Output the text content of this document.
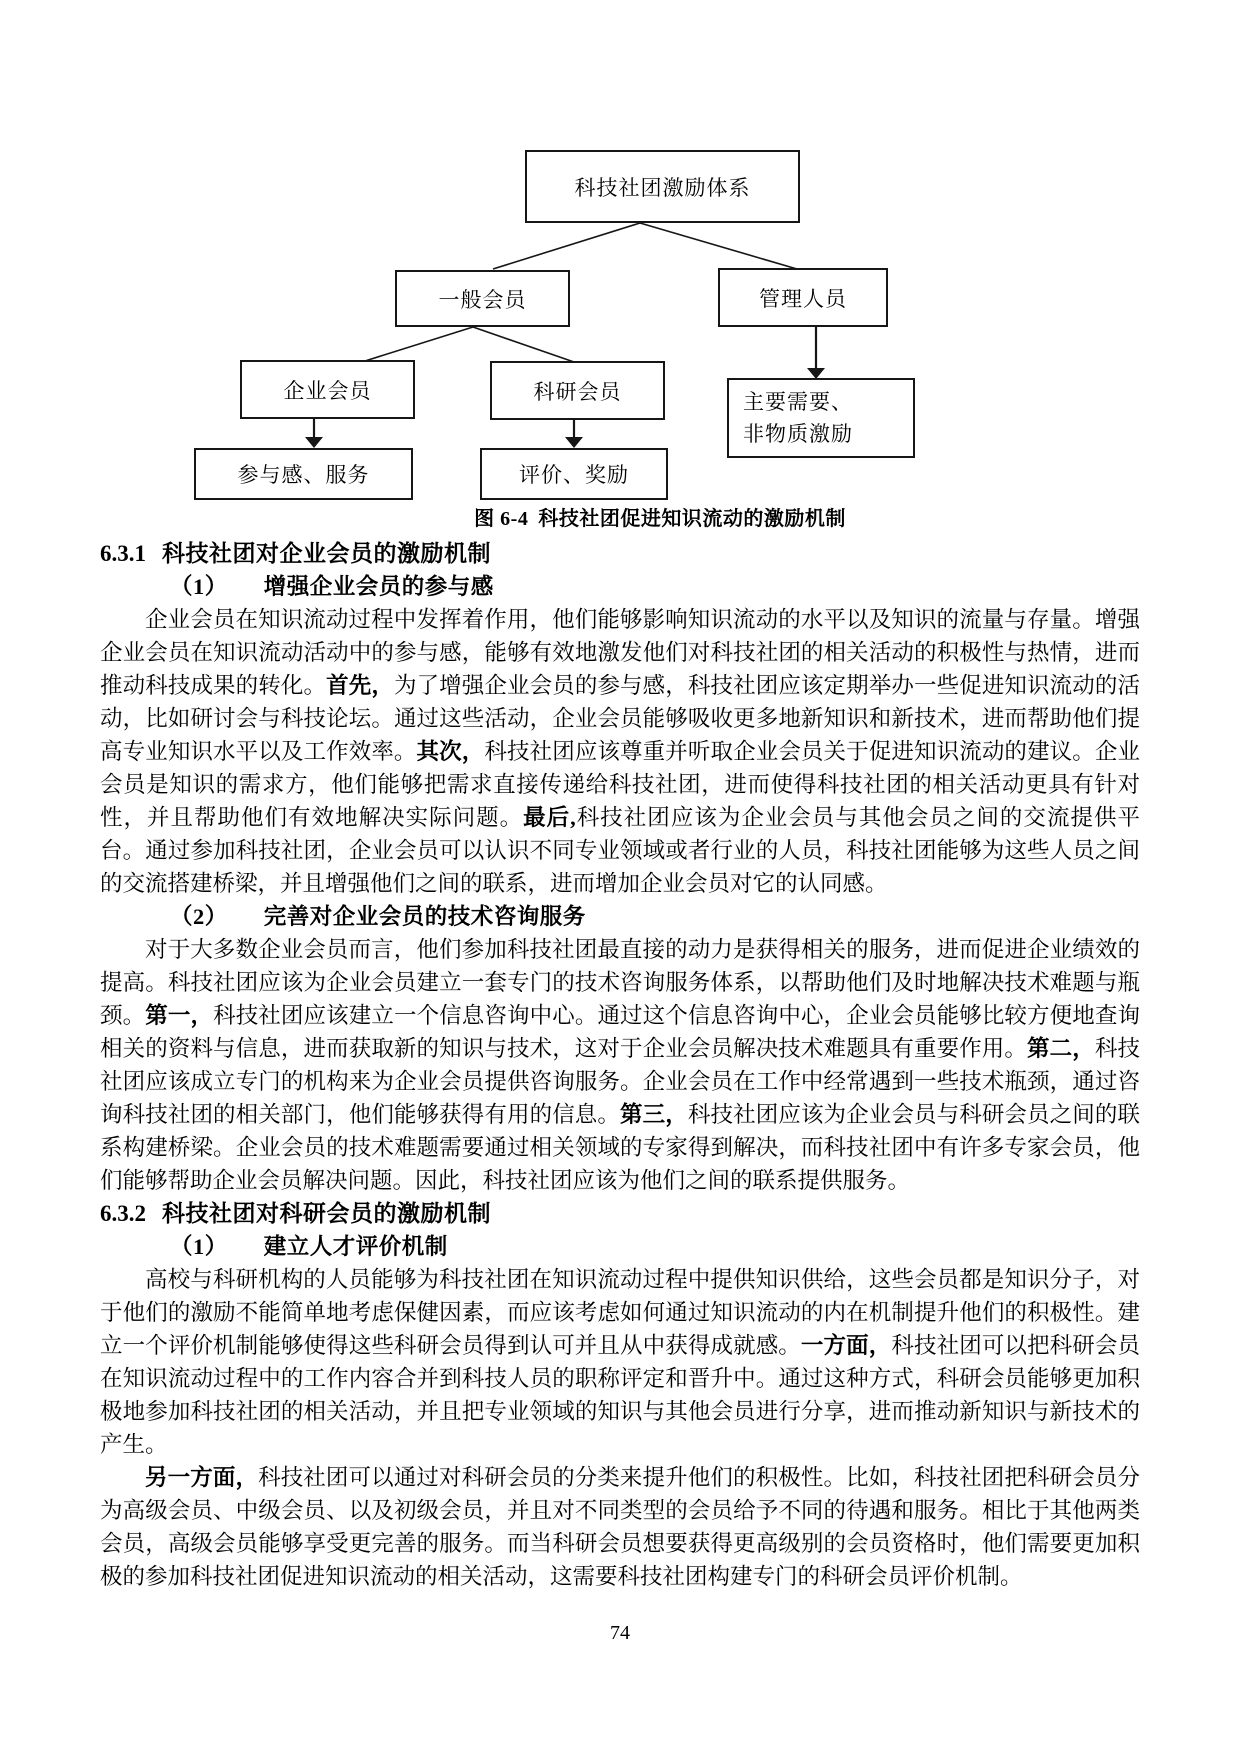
科技社团激励体系
一般会员	管理人员
企业会员	科研会员	主要需要、
非物质激励
参与感、服务	评价、奖励
图 6-4 科技社团促进知识流动的激励机制
6.3.1 科技社团对企业会员的激励机制
（1） 增强企业会员的参与感

企业会员在知识流动过程中发挥着作用，他们能够影响知识流动的水平以及知识的流量与存量。增强企业会员在知识流动活动中的参与感，能够有效地激发他们对科技社团的相关活动的积极性与热情，进而推动科技成果的转化。首先，为了增强企业会员的参与感，科技社团应该定期举办一些促进知识流动的活动，比如研讨会与科技论坛。通过这些活动，企业会员能够吸收更多地新知识和新技术，进而帮助他们提高专业知识水平以及工作效率。其次，科技社团应该尊重并听取企业会员关于促进知识流动的建议。企业会员是知识的需求方，他们能够把需求直接传递给科技社团，进而使得科技社团的相关活动更具有针对性，并且帮助他们有效地解决实际问题。最后,科技社团应该为企业会员与其他会员之间的交流提供平台。通过参加科技社团，企业会员可以认识不同专业领域或者行业的人员，科技社团能够为这些人员之间的交流搭建桥梁，并且增强他们之间的联系，进而增加企业会员对它的认同感。

（2） 完善对企业会员的技术咨询服务

对于大多数企业会员而言，他们参加科技社团最直接的动力是获得相关的服务，进而促进企业绩效的提高。科技社团应该为企业会员建立一套专门的技术咨询服务体系，以帮助他们及时地解决技术难题与瓶颈。第一，科技社团应该建立一个信息咨询中心。通过这个信息咨询中心，企业会员能够比较方便地查询相关的资料与信息，进而获取新的知识与技术，这对于企业会员解决技术难题具有重要作用。第二，科技社团应该成立专门的机构来为企业会员提供咨询服务。企业会员在工作中经常遇到一些技术瓶颈，通过咨询科技社团的相关部门，他们能够获得有用的信息。第三，科技社团应该为企业会员与科研会员之间的联系构建桥梁。企业会员的技术难题需要通过相关领域的专家得到解决，而科技社团中有许多专家会员，他们能够帮助企业会员解决问题。因此，科技社团应该为他们之间的联系提供服务。

6.3.2 科技社团对科研会员的激励机制
（1） 建立人才评价机制

高校与科研机构的人员能够为科技社团在知识流动过程中提供知识供给，这些会员都是知识分子，对于他们的激励不能简单地考虑保健因素，而应该考虑如何通过知识流动的内在机制提升他们的积极性。建立一个评价机制能够使得这些科研会员得到认可并且从中获得成就感。一方面，科技社团可以把科研会员在知识流动过程中的工作内容合并到科技人员的职称评定和晋升中。通过这种方式，科研会员能够更加积极地参加科技社团的相关活动，并且把专业领域的知识与其他会员进行分享，进而推动新知识与新技术的产生。

另一方面，科技社团可以通过对科研会员的分类来提升他们的积极性。比如，科技社团把科研会员分为高级会员、中级会员、以及初级会员，并且对不同类型的会员给予不同的待遇和服务。相比于其他两类会员，高级会员能够享受更完善的服务。而当科研会员想要获得更高级别的会员资格时，他们需要更加积极的参加科技社团促进知识流动的相关活动，这需要科技社团构建专门的科研会员评价机制。

74
